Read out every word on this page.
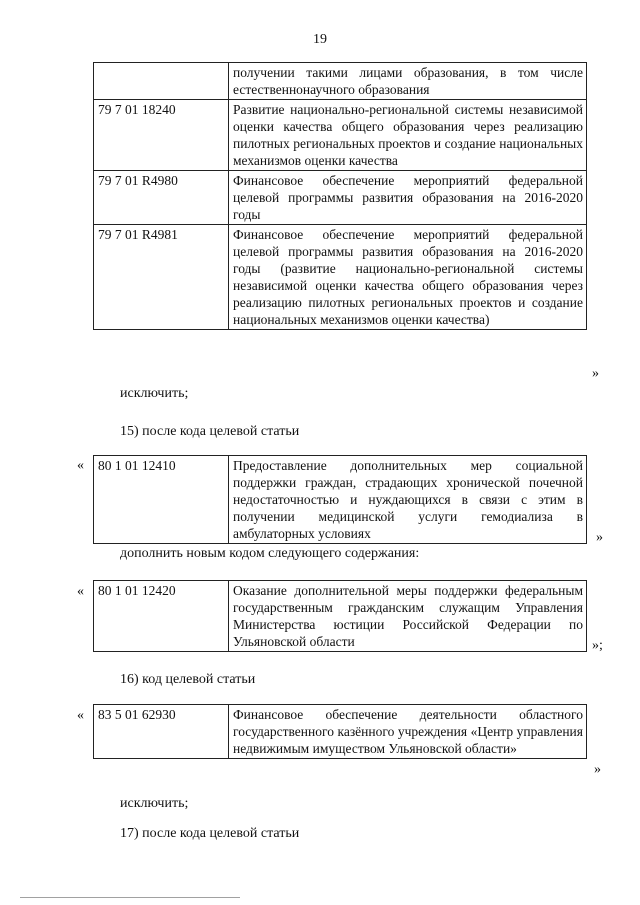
19
	получении такими лицами образования, в том числе естественнонаучного образования
79 7 01 18240	Развитие национально-региональной системы независимой оценки качества общего образования через реализацию пилотных региональных проектов и создание национальных механизмов оценки качества
79 7 01 R4980	Финансовое обеспечение мероприятий федеральной целевой программы развития образования на 2016-2020 годы
79 7 01 R4981	Финансовое обеспечение мероприятий федеральной целевой программы развития образования на 2016-2020 годы (развитие национально-региональной системы независимой оценки качества общего образования через реализацию пилотных региональных проектов и создание национальных механизмов оценки качества)
»
исключить;
15) после кода целевой статьи
« 80 1 01 12410	Предоставление дополнительных мер социальной поддержки граждан, страдающих хронической почечной недостаточностью и нуждающихся в связи с этим в получении медицинской услуги гемодиализа в амбулаторных условиях	»
дополнить новым кодом следующего содержания:
« 80 1 01 12420	Оказание дополнительной меры поддержки федеральным государственным гражданским служащим Управления Министерства юстиции Российской Федерации по Ульяновской области	»;
16) код целевой статьи
« 83 5 01 62930	Финансовое обеспечение деятельности областного государственного казённого учреждения «Центр управления недвижимым имуществом Ульяновской области»
»
исключить;
17) после кода целевой статьи
